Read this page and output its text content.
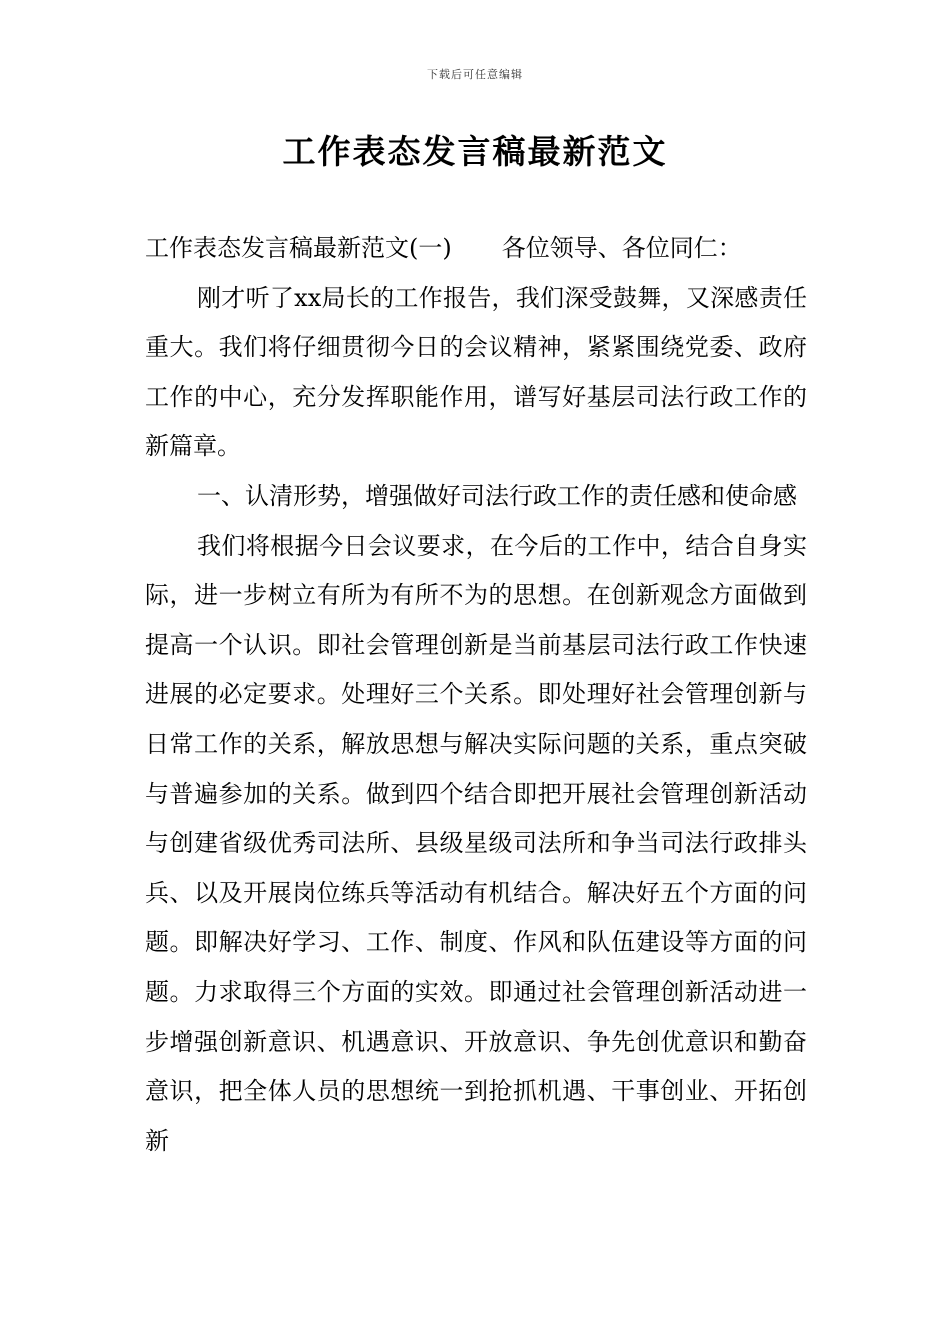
下载后可任意编辑
工作表态发言稿最新范文

工作表态发言稿最新范文(一) 各位领导、各位同仁：

刚才听了xx局长的工作报告，我们深受鼓舞，又深感责任重大。我们将仔细贯彻今日的会议精神，紧紧围绕党委、政府工作的中心，充分发挥职能作用，谱写好基层司法行政工作的新篇章。

一、认清形势，增强做好司法行政工作的责任感和使命感

我们将根据今日会议要求，在今后的工作中，结合自身实际，进一步树立有所为有所不为的思想。在创新观念方面做到提高一个认识。即社会管理创新是当前基层司法行政工作快速进展的必定要求。处理好三个关系。即处理好社会管理创新与日常工作的关系，解放思想与解决实际问题的关系，重点突破与普遍参加的关系。做到四个结合即把开展社会管理创新活动与创建省级优秀司法所、县级星级司法所和争当司法行政排头兵、以及开展岗位练兵等活动有机结合。解决好五个方面的问题。即解决好学习、工作、制度、作风和队伍建设等方面的问题。力求取得三个方面的实效。即通过社会管理创新活动进一步增强创新意识、机遇意识、开放意识、争先创优意识和勤奋意识，把全体人员的思想统一到抢抓机遇、干事创业、开拓创新
